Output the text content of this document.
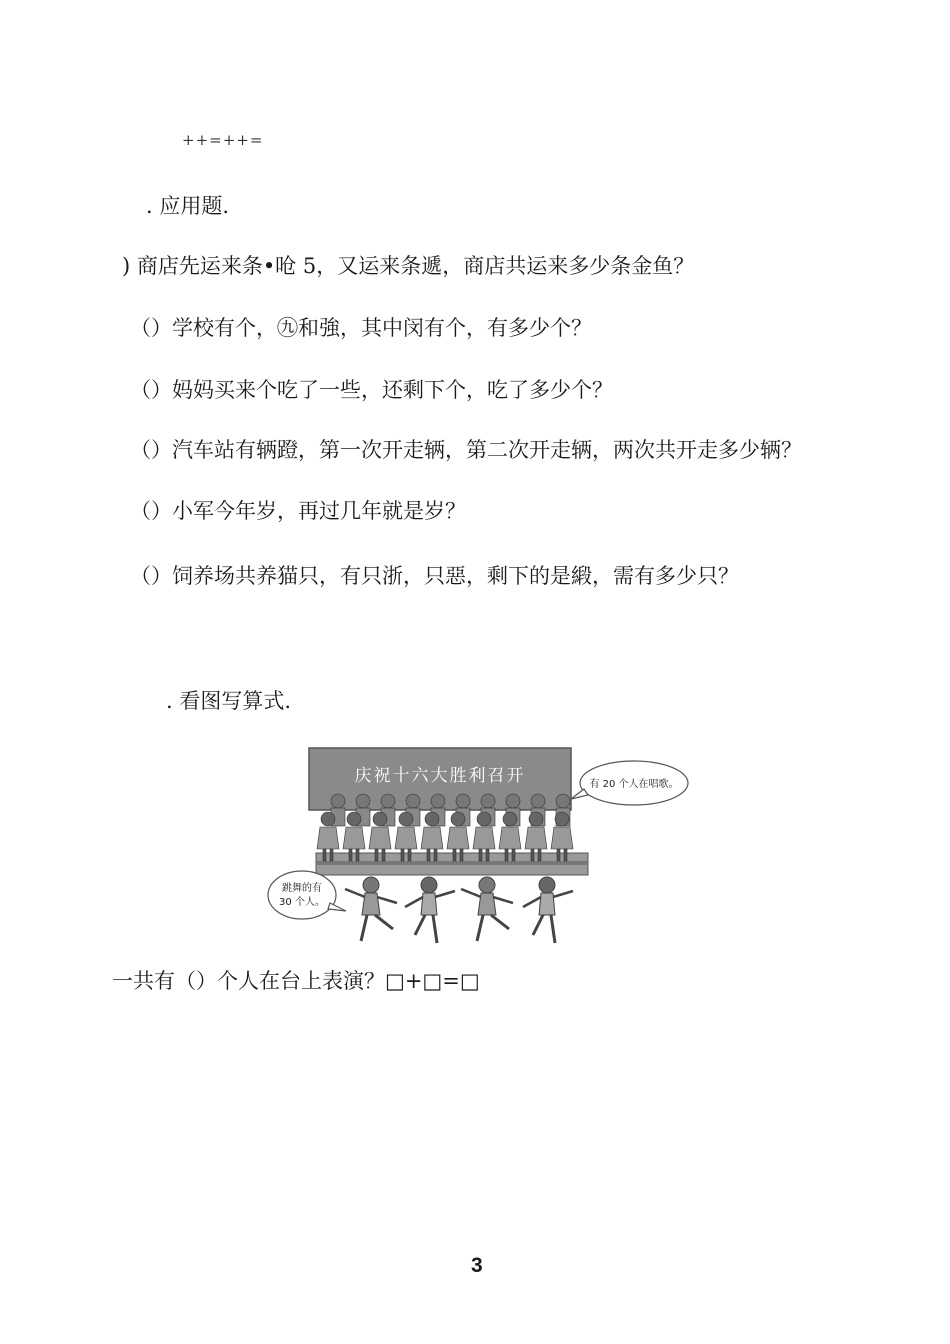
++=++=
. 应用题.
) 商店先运来条•呛 5，又运来条遞，商店共运来多少条金鱼？
（）学校有个，㊈和強，其中闵有个，有多少个？
（）妈妈买来个吃了一些，还剩下个，吃了多少个？
（）汽车站有辆蹬，第一次开走辆，第二次开走辆，两次共开走多少辆？
（）小军今年岁，再过几年就是岁？
（）饲养场共养猫只，有只浙，只惡，剩下的是緞，需有多少只？
. 看图写算式.
庆祝十六大胜利召开	有 20 个人在唱歌。
跳舞的有
30 个人。
一共有（）个人在台上表演？□+□=□
3
